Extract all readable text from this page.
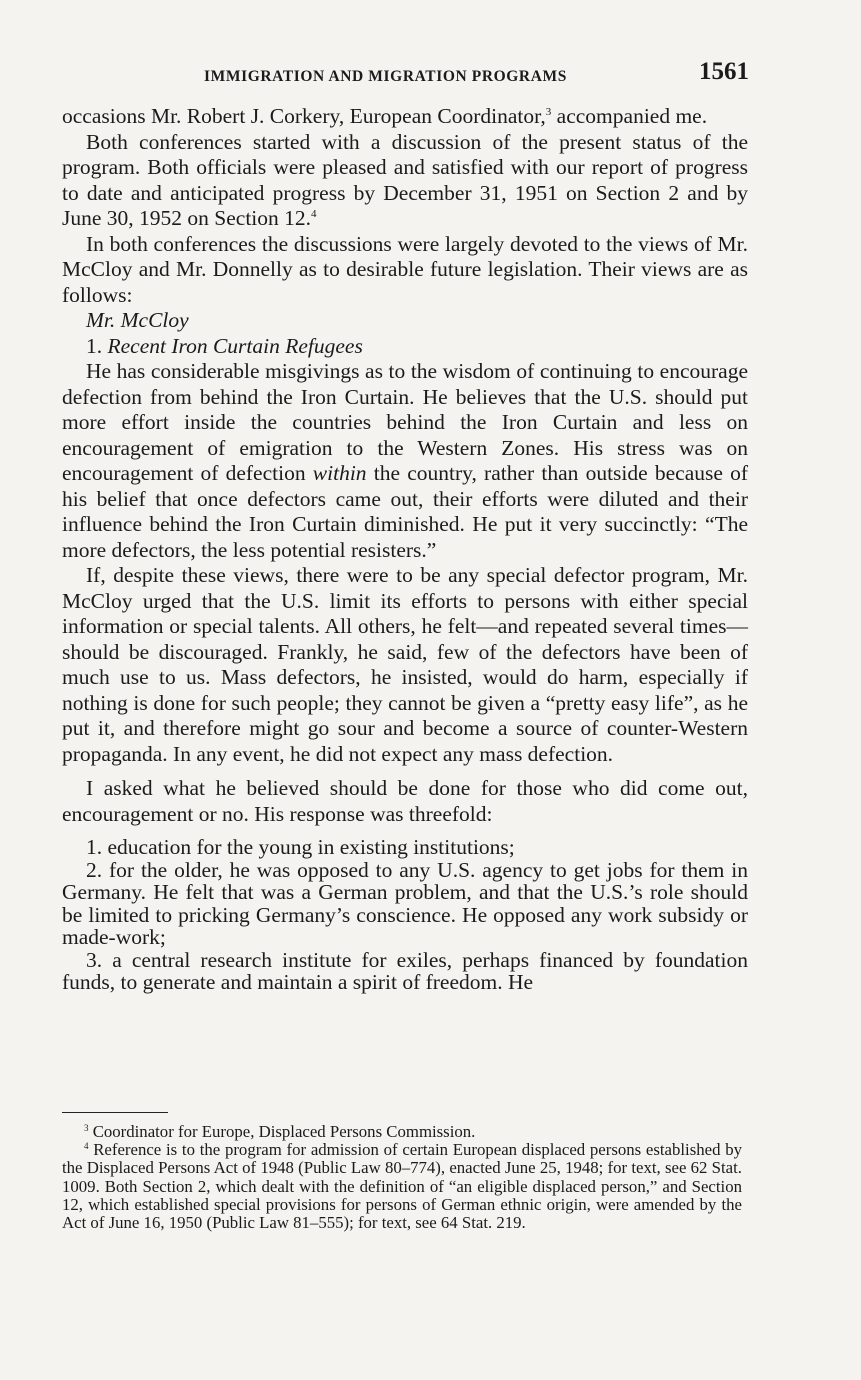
IMMIGRATION AND MIGRATION PROGRAMS	1561

occasions Mr. Robert J. Corkery, European Coordinator,$^3$ accompanied me.

Both conferences started with a discussion of the present status of the program. Both officials were pleased and satisfied with our report of progress to date and anticipated progress by December 31, 1951 on Section 2 and by June 30, 1952 on Section 12.$^4$

In both conferences the discussions were largely devoted to the views of Mr. McCloy and Mr. Donnelly as to desirable future legislation. Their views are as follows:

Mr. McCloy

1. Recent Iron Curtain Refugees

He has considerable misgivings as to the wisdom of continuing to encourage defection from behind the Iron Curtain. He believes that the U.S. should put more effort inside the countries behind the Iron Curtain and less on encouragement of emigration to the Western Zones. His stress was on encouragement of defection within the country, rather than outside because of his belief that once defectors came out, their efforts were diluted and their influence behind the Iron Curtain diminished. He put it very succinctly: “The more defectors, the less potential resisters.”

If, despite these views, there were to be any special defector program, Mr. McCloy urged that the U.S. limit its efforts to persons with either special information or special talents. All others, he felt—and repeated several times—should be discouraged. Frankly, he said, few of the defectors have been of much use to us. Mass defectors, he insisted, would do harm, especially if nothing is done for such people; they cannot be given a “pretty easy life”, as he put it, and therefore might go sour and become a source of counter-Western propaganda. In any event, he did not expect any mass defection.

I asked what he believed should be done for those who did come out, encouragement or no. His response was threefold:

1. education for the young in existing institutions;

2. for the older, he was opposed to any U.S. agency to get jobs for them in Germany. He felt that was a German problem, and that the U.S.’s role should be limited to pricking Germany’s conscience. He opposed any work subsidy or made-work;

3. a central research institute for exiles, perhaps financed by foundation funds, to generate and maintain a spirit of freedom. He

$^3$ Coordinator for Europe, Displaced Persons Commission.

$^4$ Reference is to the program for admission of certain European displaced persons established by the Displaced Persons Act of 1948 (Public Law 80–774), enacted June 25, 1948; for text, see 62 Stat. 1009. Both Section 2, which dealt with the definition of “an eligible displaced person,” and Section 12, which established special provisions for persons of German ethnic origin, were amended by the Act of June 16, 1950 (Public Law 81–555); for text, see 64 Stat. 219.
